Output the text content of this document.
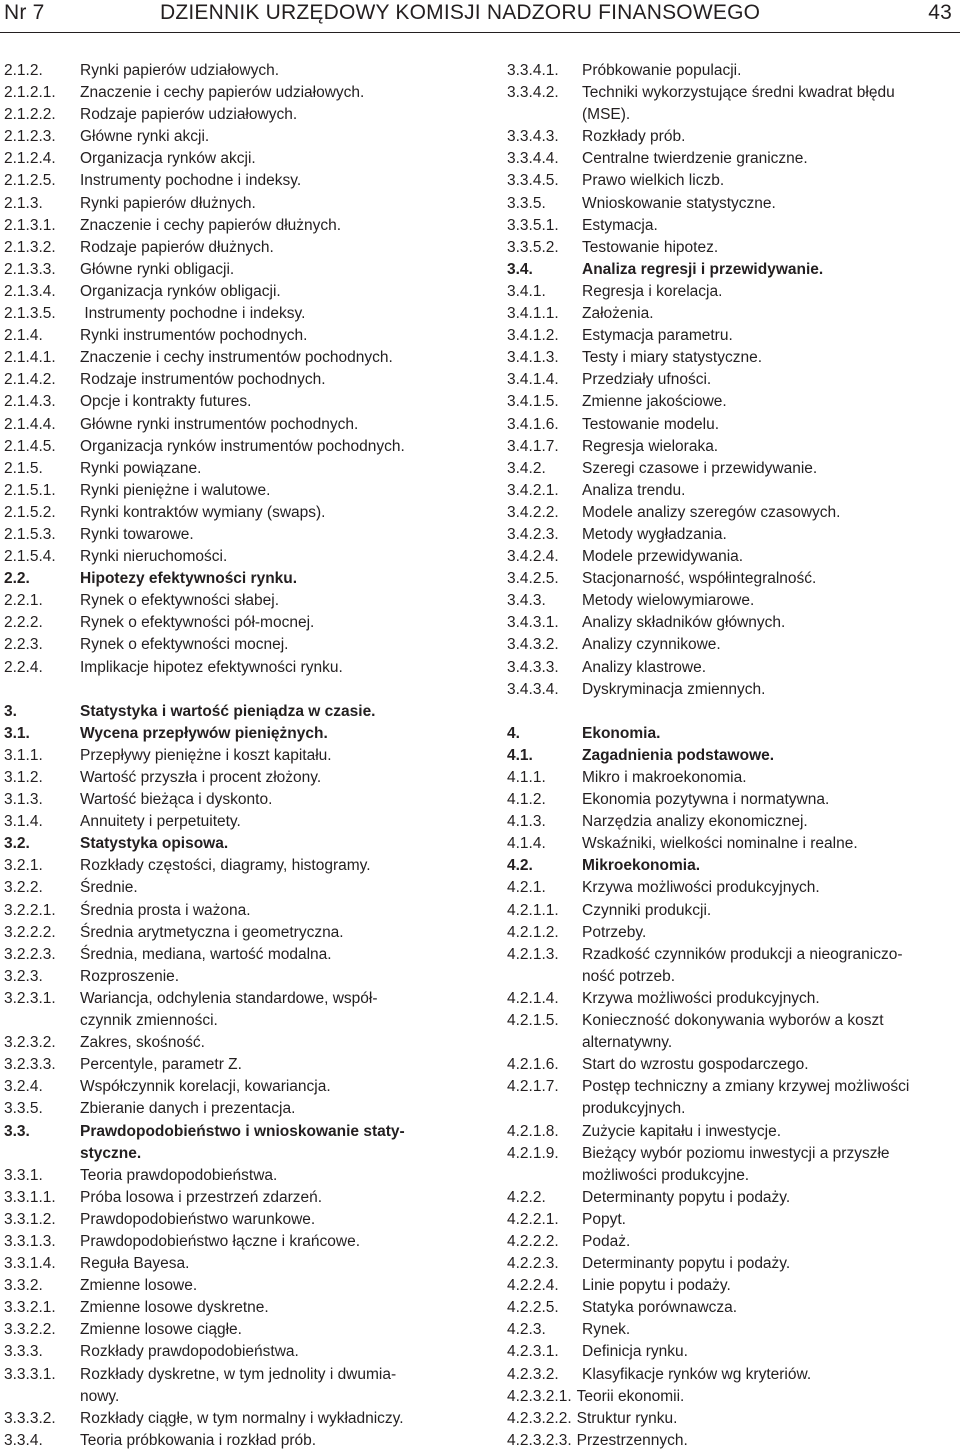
Nr 7	DZIENNIK URZĘDOWY KOMISJI NADZORU FINANSOWEGO	43
2.1.2.	Rynki papierów udziałowych.
2.1.2.1.	Znaczenie i cechy papierów udziałowych.
2.1.2.2.	Rodzaje papierów udziałowych.
2.1.2.3.	Główne rynki akcji.
2.1.2.4.	Organizacja rynków akcji.
2.1.2.5.	Instrumenty pochodne i indeksy.
2.1.3.	Rynki papierów dłużnych.
2.1.3.1.	Znaczenie i cechy papierów dłużnych.
2.1.3.2.	Rodzaje papierów dłużnych.
2.1.3.3.	Główne rynki obligacji.
2.1.3.4.	Organizacja rynków obligacji.
2.1.3.5.	Instrumenty pochodne i indeksy.
2.1.4.	Rynki instrumentów pochodnych.
2.1.4.1.	Znaczenie i cechy instrumentów pochodnych.
2.1.4.2.	Rodzaje instrumentów pochodnych.
2.1.4.3.	Opcje i kontrakty futures.
2.1.4.4.	Główne rynki instrumentów pochodnych.
2.1.4.5.	Organizacja rynków instrumentów pochodnych.
2.1.5.	Rynki powiązane.
2.1.5.1.	Rynki pieniężne i walutowe.
2.1.5.2.	Rynki kontraktów wymiany (swaps).
2.1.5.3.	Rynki towarowe.
2.1.5.4.	Rynki nieruchomości.
2.2.	Hipotezy efektywności rynku.
2.2.1.	Rynek o efektywności słabej.
2.2.2.	Rynek o efektywności pół-mocnej.
2.2.3.	Rynek o efektywności mocnej.
2.2.4.	Implikacje hipotez efektywności rynku.
3.	Statystyka i wartość pieniądza w czasie.
3.1.	Wycena przepływów pieniężnych.
3.1.1.	Przepływy pieniężne i koszt kapitału.
3.1.2.	Wartość przyszła i procent złożony.
3.1.3.	Wartość bieżąca i dyskonto.
3.1.4.	Annuitety i perpetuitety.
3.2.	Statystyka opisowa.
3.2.1.	Rozkłady częstości, diagramy, histogramy.
3.2.2.	Średnie.
3.2.2.1.	Średnia prosta i ważona.
3.2.2.2.	Średnia arytmetyczna i geometryczna.
3.2.2.3.	Średnia, mediana, wartość modalna.
3.2.3.	Rozproszenie.
3.2.3.1.	Wariancja, odchylenia standardowe, współ-
czynnik zmienności.
3.2.3.2.	Zakres, skośność.
3.2.3.3.	Percentyle, parametr Z.
3.2.4.	Współczynnik korelacji, kowariancja.
3.3.5.	Zbieranie danych i prezentacja.
3.3.	Prawdopodobieństwo i wnioskowanie staty-
styczne.
3.3.1.	Teoria prawdopodobieństwa.
3.3.1.1.	Próba losowa i przestrzeń zdarzeń.
3.3.1.2.	Prawdopodobieństwo warunkowe.
3.3.1.3.	Prawdopodobieństwo łączne i krańcowe.
3.3.1.4.	Reguła Bayesa.
3.3.2.	Zmienne losowe.
3.3.2.1.	Zmienne losowe dyskretne.
3.3.2.2.	Zmienne losowe ciągłe.
3.3.3.	Rozkłady prawdopodobieństwa.
3.3.3.1.	Rozkłady dyskretne, w tym jednolity i dwumia-
nowy.
3.3.3.2.	Rozkłady ciągłe, w tym normalny i wykładniczy.
3.3.4.	Teoria próbkowania i rozkład prób.
3.3.4.1.	Próbkowanie populacji.
3.3.4.2.	Techniki wykorzystujące średni kwadrat błędu
(MSE).
3.3.4.3.	Rozkłady prób.
3.3.4.4.	Centralne twierdzenie graniczne.
3.3.4.5.	Prawo wielkich liczb.
3.3.5.	Wnioskowanie statystyczne.
3.3.5.1.	Estymacja.
3.3.5.2.	Testowanie hipotez.
3.4.	Analiza regresji i przewidywanie.
3.4.1.	Regresja i korelacja.
3.4.1.1.	Założenia.
3.4.1.2.	Estymacja parametru.
3.4.1.3.	Testy i miary statystyczne.
3.4.1.4.	Przedziały ufności.
3.4.1.5.	Zmienne jakościowe.
3.4.1.6.	Testowanie modelu.
3.4.1.7.	Regresja wieloraka.
3.4.2.	Szeregi czasowe i przewidywanie.
3.4.2.1.	Analiza trendu.
3.4.2.2.	Modele analizy szeregów czasowych.
3.4.2.3.	Metody wygładzania.
3.4.2.4.	Modele przewidywania.
3.4.2.5.	Stacjonarność, współintegralność.
3.4.3.	Metody wielowymiarowe.
3.4.3.1.	Analizy składników głównych.
3.4.3.2.	Analizy czynnikowe.
3.4.3.3.	Analizy klastrowe.
3.4.3.4.	Dyskryminacja zmiennych.
4.	Ekonomia.
4.1.	Zagadnienia podstawowe.
4.1.1.	Mikro i makroekonomia.
4.1.2.	Ekonomia pozytywna i normatywna.
4.1.3.	Narzędzia analizy ekonomicznej.
4.1.4.	Wskaźniki, wielkości nominalne i realne.
4.2.	Mikroekonomia.
4.2.1.	Krzywa możliwości produkcyjnych.
4.2.1.1.	Czynniki produkcji.
4.2.1.2.	Potrzeby.
4.2.1.3.	Rzadkość czynników produkcji a nieograniczo-
ność potrzeb.
4.2.1.4.	Krzywa możliwości produkcyjnych.
4.2.1.5.	Konieczność dokonywania wyborów a koszt
alternatywny.
4.2.1.6.	Start do wzrostu gospodarczego.
4.2.1.7.	Postęp techniczny a zmiany krzywej możliwości
produkcyjnych.
4.2.1.8.	Zużycie kapitału i inwestycje.
4.2.1.9.	Bieżący wybór poziomu inwestycji a przyszłe
możliwości produkcyjne.
4.2.2.	Determinanty popytu i podaży.
4.2.2.1.	Popyt.
4.2.2.2.	Podaż.
4.2.2.3.	Determinanty popytu i podaży.
4.2.2.4.	Linie popytu i podaży.
4.2.2.5.	Statyka porównawcza.
4.2.3.	Rynek.
4.2.3.1.	Definicja rynku.
4.2.3.2.	Klasyfikacje rynków wg kryteriów.
4.2.3.2.1. Teorii ekonomii.
4.2.3.2.2. Struktur rynku.
4.2.3.2.3. Przestrzennych.
